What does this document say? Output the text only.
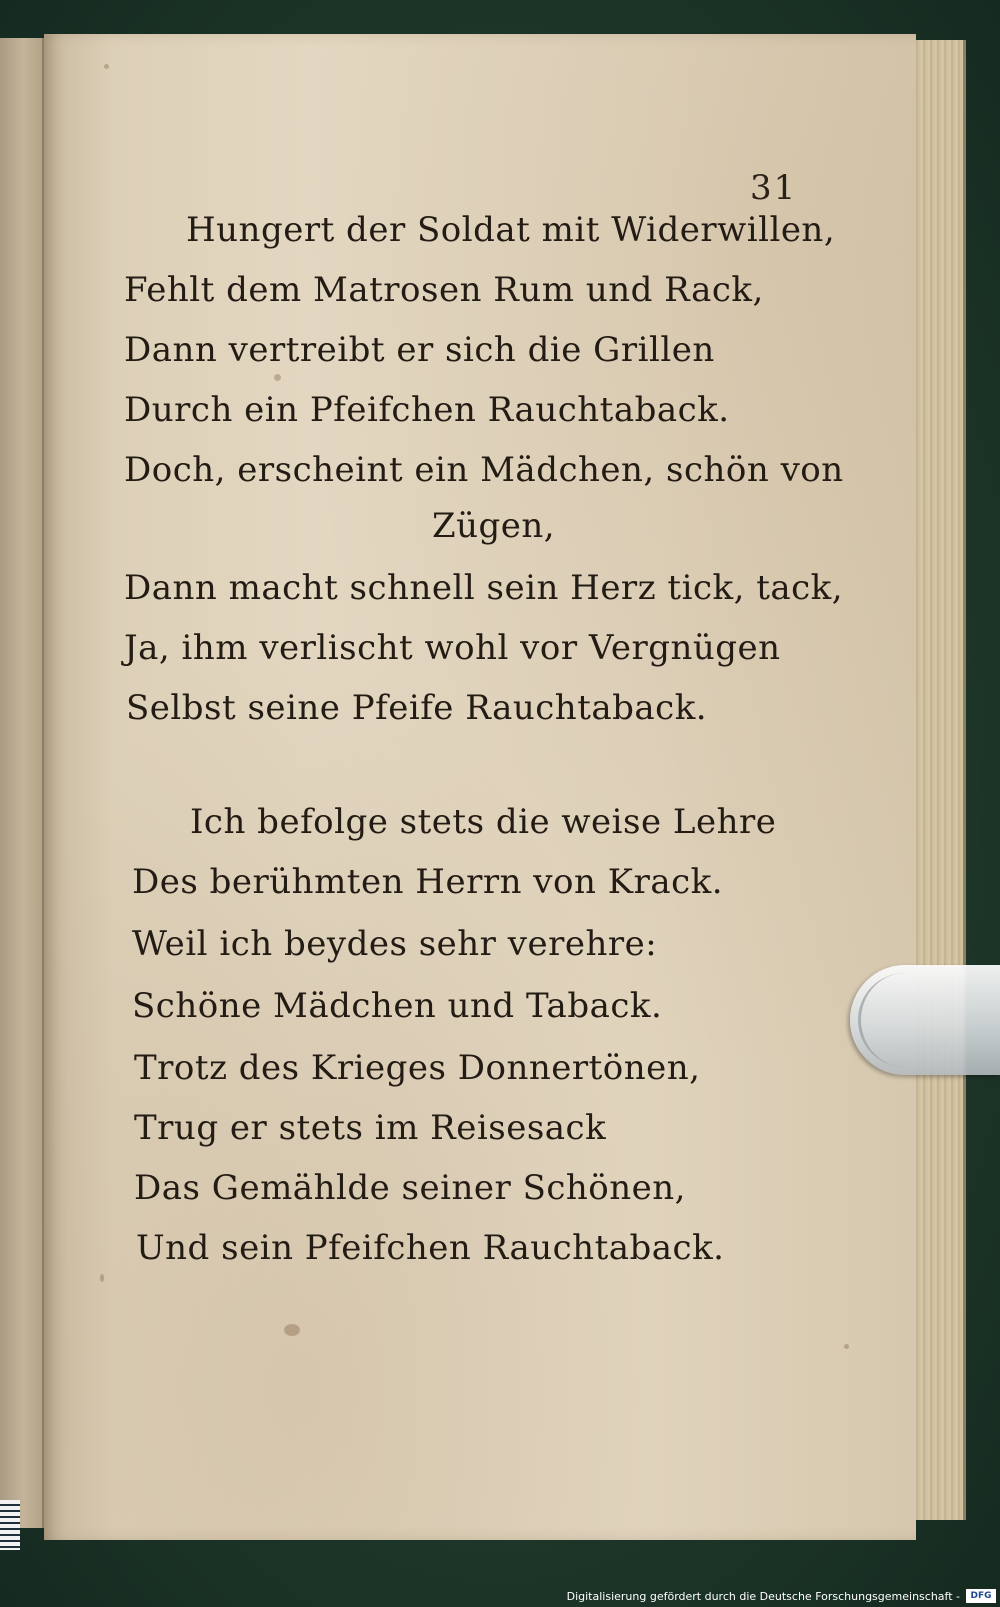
31
Hungert der Soldat mit Widerwillen,
Fehlt dem Matrosen Rum und Rack,
Dann vertreibt er sich die Grillen
Durch ein Pfeifchen Rauchtaback.
Doch, erscheint ein Mädchen, schön von
Zügen,
Dann macht schnell sein Herz tick, tack,
Ja, ihm verlischt wohl vor Vergnügen
Selbst seine Pfeife Rauchtaback.
Ich befolge stets die weise Lehre
Des berühmten Herrn von Krack.
Weil ich beydes sehr verehre:
Schöne Mädchen und Taback.
Trotz des Krieges Donnertönen,
Trug er stets im Reisesack
Das Gemählde seiner Schönen,
Und sein Pfeifchen Rauchtaback.
Digitalisierung gefördert durch die Deutsche Forschungsgemeinschaft -	DFG
